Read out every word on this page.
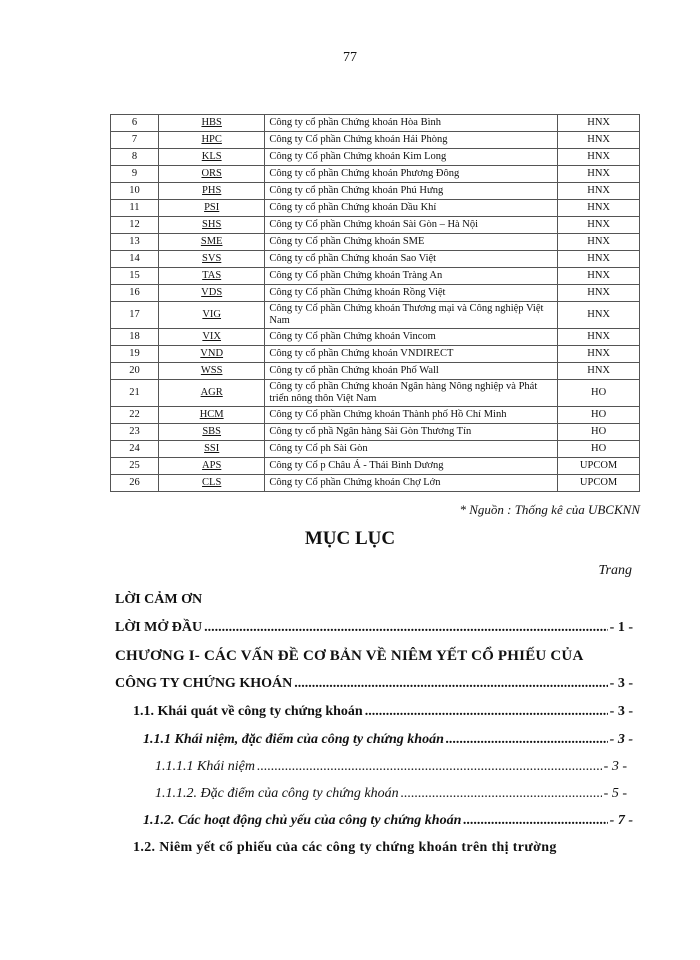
77
6	HBS	Công ty cổ phần Chứng khoán Hòa Bình	HNX
7	HPC	Công ty Cổ phần Chứng khoán Hải Phòng	HNX
8	KLS	Công ty Cổ phần Chứng khoán Kim Long	HNX
9	ORS	Công ty cổ phần Chứng khoán Phương Đông	HNX
10	PHS	Công ty cổ phần Chứng khoán Phú Hưng	HNX
11	PSI	Công ty cổ phần Chứng khoán Dầu Khí	HNX
12	SHS	Công ty Cổ phần Chứng khoán Sài Gòn – Hà Nội	HNX
13	SME	Công ty Cổ phần Chứng khoán SME	HNX
14	SVS	Công ty cổ phần Chứng khoán Sao Việt	HNX
15	TAS	Công ty Cổ phần Chứng khoán Tràng An	HNX
16	VDS	Công ty Cổ phần Chứng khoán Rồng Việt	HNX
17	VIG	Công ty Cổ phần Chứng khoán Thương mại và Công nghiệp Việt Nam	HNX
18	VIX	Công ty Cổ phần Chứng khoán Vincom	HNX
19	VND	Công ty cổ phần Chứng khoán VNDIRECT	HNX
20	WSS	Công ty cổ phần Chứng khoán Phố Wall	HNX
21	AGR	Công ty cổ phần Chứng khoán Ngân hàng Nông nghiệp và Phát triển nông thôn Việt Nam	HO
22	HCM	Công ty Cổ phần Chứng khoán Thành phố Hồ Chí Minh	HO
23	SBS	Công ty cổ phầ Ngân hàng Sài Gòn Thương Tín	HO
24	SSI	Công ty Cổ ph Sài Gòn	HO
25	APS	Công ty Cổ p Châu Á - Thái Bình Dương	UPCOM
26	CLS	Công ty Cổ phần Chứng khoán Chợ Lớn	UPCOM
* Nguồn : Thống kê của UBCKNN
MỤC LỤC
Trang
LỜI CẢM ƠN
LỜI MỞ ĐẦU .....	- 1 -
CHƯƠNG I- CÁC VẤN ĐỀ CƠ BẢN VỀ NIÊM YẾT CỔ PHIẾU CỦA
CÔNG TY CHỨNG KHOÁN .....	- 3 -
1.1. Khái quát về công ty chứng khoán .....	- 3 -
1.1.1 Khái niệm, đặc điểm của công ty chứng khoán .....	- 3 -
1.1.1.1 Khái niệm .....	- 3 -
1.1.1.2. Đặc điểm của công ty chứng khoán .....	- 5 -
1.1.2. Các hoạt động chủ yếu của công ty chứng khoán .....	- 7 -
1.2. Niêm yết cổ phiếu của các công ty chứng khoán trên thị trường
